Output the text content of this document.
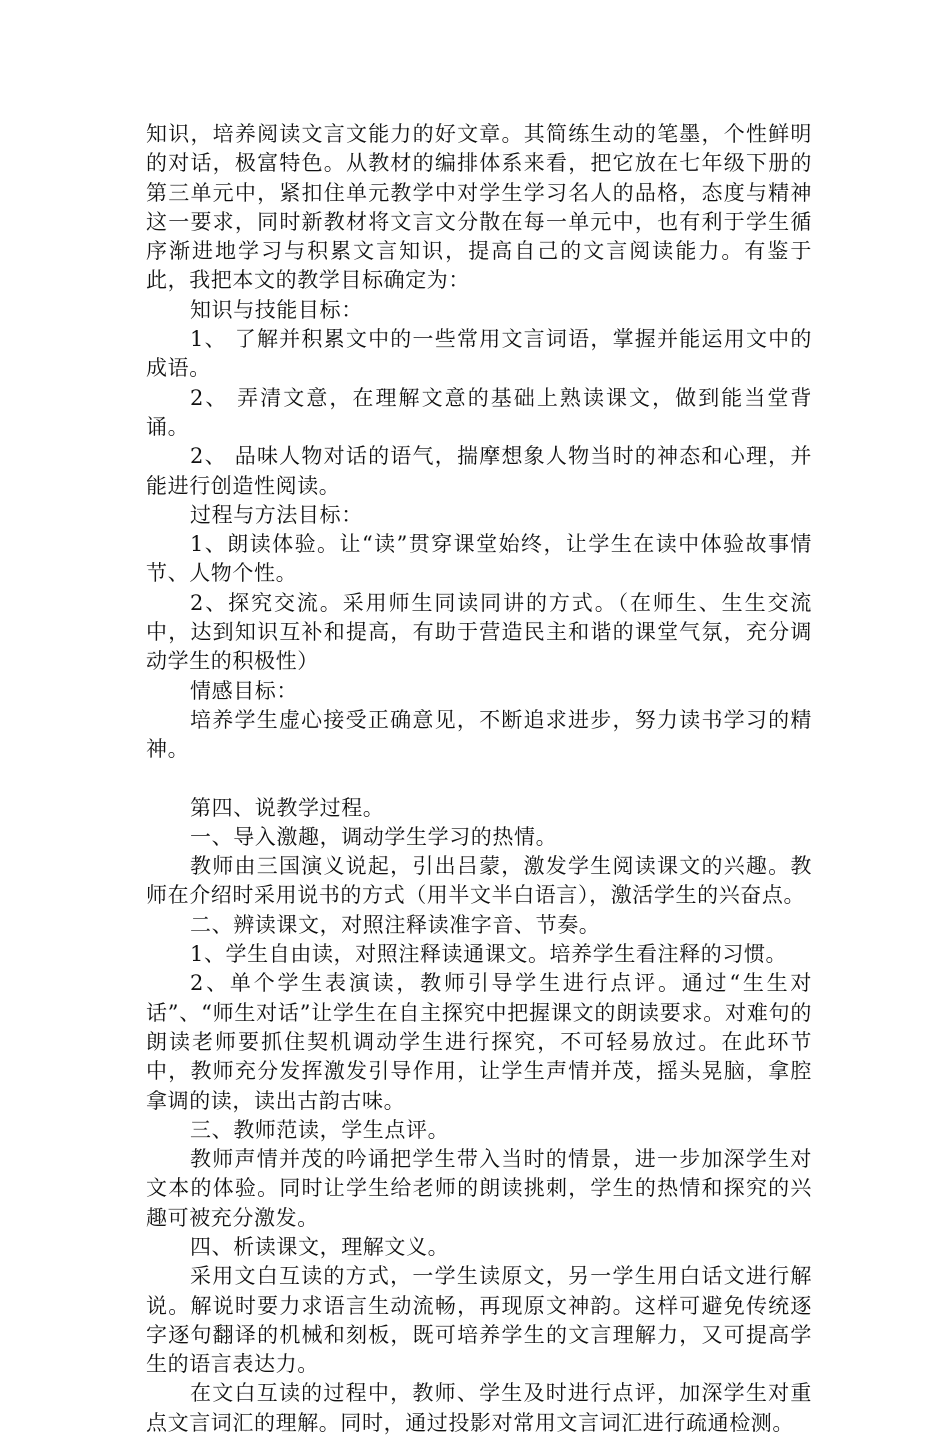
知识，培养阅读文言文能力的好文章。其简练生动的笔墨，个性鲜明的对话，极富特色。从教材的编排体系来看，把它放在七年级下册的第三单元中，紧扣住单元教学中对学生学习名人的品格，态度与精神这一要求，同时新教材将文言文分散在每一单元中，也有利于学生循序渐进地学习与积累文言知识，提高自己的文言阅读能力。有鉴于此，我把本文的教学目标确定为：

知识与技能目标：

1、 了解并积累文中的一些常用文言词语，掌握并能运用文中的成语。

2、 弄清文意，在理解文意的基础上熟读课文，做到能当堂背诵。

2、 品味人物对话的语气，揣摩想象人物当时的神态和心理，并能进行创造性阅读。

过程与方法目标：

1、朗读体验。让“读”贯穿课堂始终，让学生在读中体验故事情节、人物个性。

2、探究交流。采用师生同读同讲的方式。（在师生、生生交流中，达到知识互补和提高，有助于营造民主和谐的课堂气氛，充分调动学生的积极性）

情感目标：

培养学生虚心接受正确意见，不断追求进步，努力读书学习的精神。

第四、说教学过程。

一、导入激趣，调动学生学习的热情。

教师由三国演义说起，引出吕蒙，激发学生阅读课文的兴趣。教师在介绍时采用说书的方式（用半文半白语言），激活学生的兴奋点。

二、辨读课文，对照注释读准字音、节奏。

1、学生自由读，对照注释读通课文。培养学生看注释的习惯。

2、单个学生表演读，教师引导学生进行点评。通过“生生对话”、“师生对话”让学生在自主探究中把握课文的朗读要求。对难句的朗读老师要抓住契机调动学生进行探究，不可轻易放过。在此环节中，教师充分发挥激发引导作用，让学生声情并茂，摇头晃脑，拿腔拿调的读，读出古韵古味。

三、教师范读，学生点评。

教师声情并茂的吟诵把学生带入当时的情景，进一步加深学生对文本的体验。同时让学生给老师的朗读挑刺，学生的热情和探究的兴趣可被充分激发。

四、析读课文，理解文义。

采用文白互读的方式，一学生读原文，另一学生用白话文进行解说。解说时要力求语言生动流畅，再现原文神韵。这样可避免传统逐字逐句翻译的机械和刻板，既可培养学生的文言理解力，又可提高学生的语言表达力。

在文白互读的过程中，教师、学生及时进行点评，加深学生对重点文言词汇的理解。同时，通过投影对常用文言词汇进行疏通检测。
